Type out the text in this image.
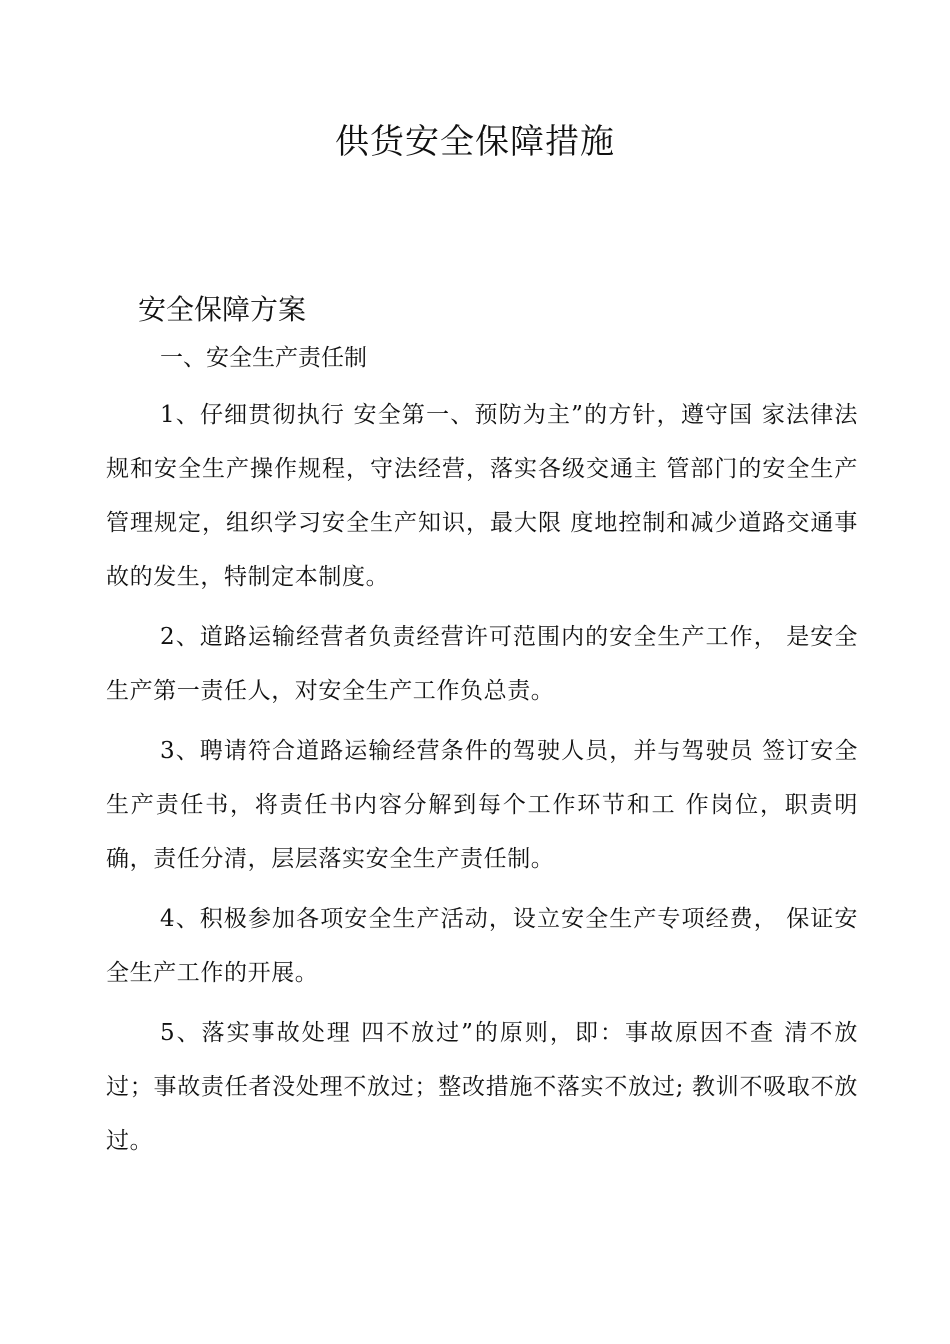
供货安全保障措施
安全保障方案
一、安全生产责任制

1、仔细贯彻执行 安全第一、预防为主”的方针，遵守国 家法律法规和安全生产操作规程，守法经营，落实各级交通主 管部门的安全生产管理规定，组织学习安全生产知识，最大限 度地控制和减少道路交通事故的发生，特制定本制度。

2、道路运输经营者负责经营许可范围内的安全生产工作， 是安全生产第一责任人，对安全生产工作负总责。

3、聘请符合道路运输经营条件的驾驶人员，并与驾驶员 签订安全生产责任书，将责任书内容分解到每个工作环节和工 作岗位，职责明确，责任分清，层层落实安全生产责任制。

4、积极参加各项安全生产活动，设立安全生产专项经费， 保证安全生产工作的开展。

5、落实事故处理 四不放过”的原则，即：事故原因不查 清不放过；事故责任者没处理不放过；整改措施不落实不放过; 教训不吸取不放过。
